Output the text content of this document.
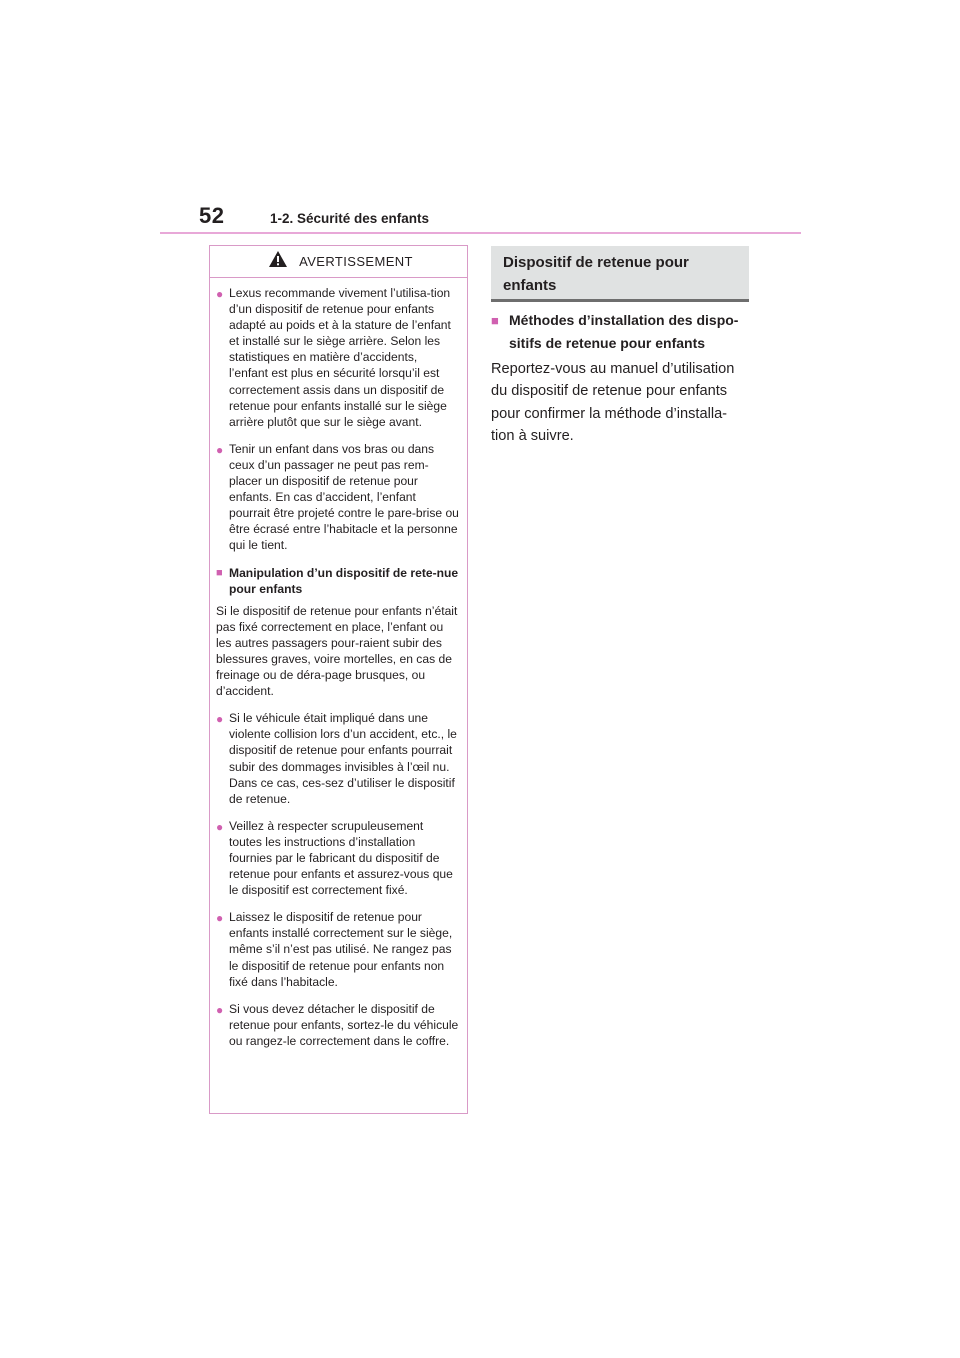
52	1-2. Sécurité des enfants
AVERTISSEMENT
● Lexus recommande vivement l’utilisa-tion d’un dispositif de retenue pour enfants adapté au poids et à la stature de l’enfant et installé sur le siège arrière. Selon les statistiques en matière d’accidents, l’enfant est plus en sécurité lorsqu’il est correctement assis dans un dispositif de retenue pour enfants installé sur le siège arrière plutôt que sur le siège avant.
● Tenir un enfant dans vos bras ou dans ceux d’un passager ne peut pas rem-placer un dispositif de retenue pour enfants. En cas d’accident, l’enfant pourrait être projeté contre le pare-brise ou être écrasé entre l’habitacle et la personne qui le tient.
■ Manipulation d’un dispositif de rete-nue pour enfants
Si le dispositif de retenue pour enfants n’était pas fixé correctement en place, l’enfant ou les autres passagers pour-raient subir des blessures graves, voire mortelles, en cas de freinage ou de déra-page brusques, ou d’accident.
● Si le véhicule était impliqué dans une violente collision lors d’un accident, etc., le dispositif de retenue pour enfants pourrait subir des dommages invisibles à l’œil nu. Dans ce cas, ces-sez d’utiliser le dispositif de retenue.
● Veillez à respecter scrupuleusement toutes les instructions d’installation fournies par le fabricant du dispositif de retenue pour enfants et assurez-vous que le dispositif est correctement fixé.
● Laissez le dispositif de retenue pour enfants installé correctement sur le siège, même s’il n’est pas utilisé. Ne rangez pas le dispositif de retenue pour enfants non fixé dans l’habitacle.
● Si vous devez détacher le dispositif de retenue pour enfants, sortez-le du véhicule ou rangez-le correctement dans le coffre.
Dispositif de retenue pour enfants
■ Méthodes d’installation des dispo-sitifs de retenue pour enfants
Reportez-vous au manuel d’utilisation du dispositif de retenue pour enfants pour confirmer la méthode d’installa-tion à suivre.
